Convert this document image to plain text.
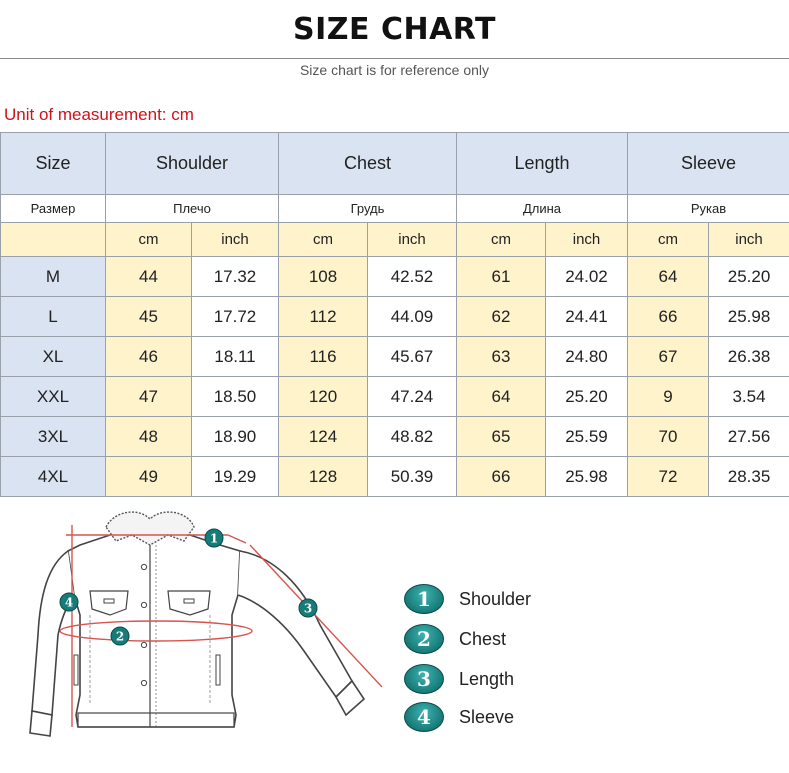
SIZE CHART
Size chart is for reference only
Unit of measurement: cm
Size	Shoulder		Chest		Length		Sleeve	
Размер	Плечо		Грудь		Длина		Рукав	
	cm	inch	cm	inch	cm	inch	cm	inch
M	44	17.32	108	42.52	61	24.02	64	25.20
L	45	17.72	112	44.09	62	24.41	66	25.98
XL	46	18.11	116	45.67	63	24.80	67	26.38
XXL	47	18.50	120	47.24	64	25.20	9	3.54
3XL	48	18.90	124	48.82	65	25.59	70	27.56
4XL	49	19.29	128	50.39	66	25.98	72	28.35
1
2
3
4	1	Shoulder
2	Chest
3	Length
4	Sleeve
